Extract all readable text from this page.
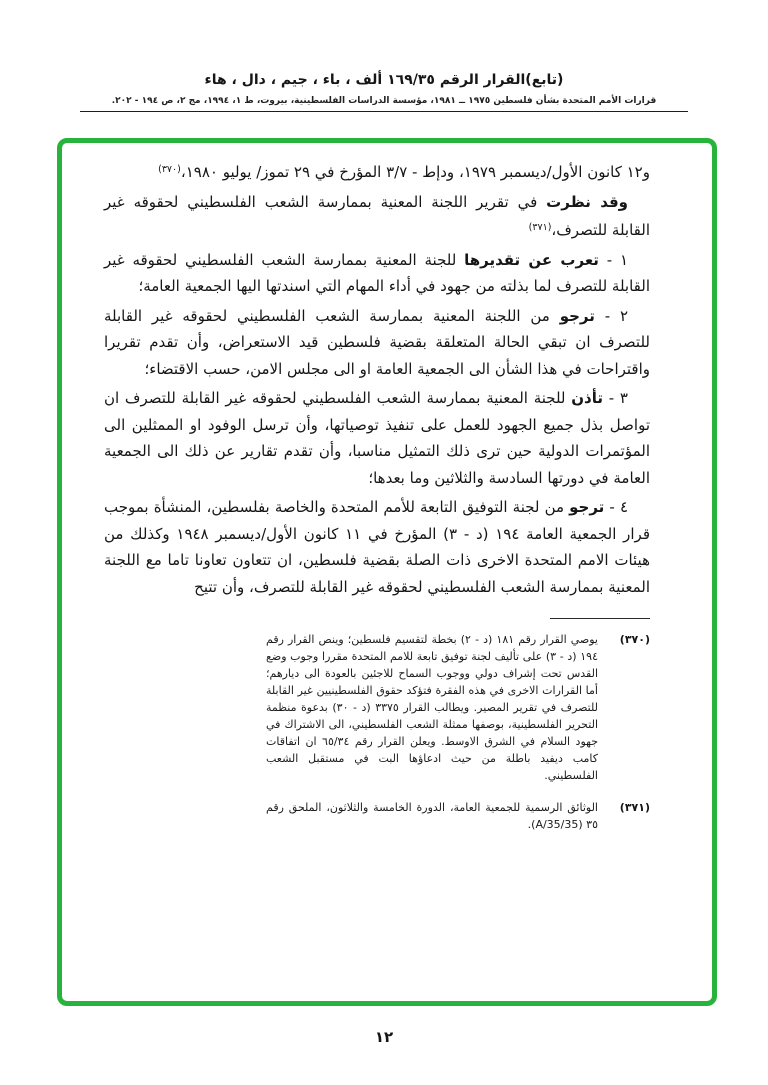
(تابع)القرار الرقم ١٦٩/٣٥ ألف ، باء ، جيم ، دال ، هاء
قرارات الأمم المتحدة بشأن فلسطين ١٩٧٥ ــ ١٩٨١، مؤسسة الدراسات الفلسطينية، بيروت، ط ١، ١٩٩٤، مج ٢، ص ١٩٤ - ٢٠٢.

و١٢ كانون الأول/ديسمبر ١٩٧٩، ودإط - ٣/٧ المؤرخ في ٢٩ تموز/ يوليو ١٩٨٠،$^{(٣٧٠)}$

وقد نظرت في تقرير اللجنة المعنية بممارسة الشعب الفلسطيني لحقوقه غير القابلة للتصرف،$^{(٣٧١)}$

١ - تعرب عن تقديرها للجنة المعنية بممارسة الشعب الفلسطيني لحقوقه غير القابلة للتصرف لما بذلته من جهود في أداء المهام التي اسندتها اليها الجمعية العامة؛

٢ - ترجو من اللجنة المعنية بممارسة الشعب الفلسطيني لحقوقه غير القابلة للتصرف ان تبقي الحالة المتعلقة بقضية فلسطين قيد الاستعراض، وأن تقدم تقريرا واقتراحات في هذا الشأن الى الجمعية العامة او الى مجلس الامن، حسب الاقتضاء؛

٣ - تأذن للجنة المعنية بممارسة الشعب الفلسطيني لحقوقه غير القابلة للتصرف ان تواصل بذل جميع الجهود للعمل على تنفيذ توصياتها، وأن ترسل الوفود او الممثلين الى المؤتمرات الدولية حين ترى ذلك التمثيل مناسبا، وأن تقدم تقارير عن ذلك الى الجمعية العامة في دورتها السادسة والثلاثين وما بعدها؛

٤ - ترجو من لجنة التوفيق التابعة للأمم المتحدة والخاصة بفلسطين، المنشأة بموجب قرار الجمعية العامة ١٩٤ (د - ٣) المؤرخ في ١١ كانون الأول/ديسمبر ١٩٤٨ وكذلك من هيئات الامم المتحدة الاخرى ذات الصلة بقضية فلسطين، ان تتعاون تعاونا تاما مع اللجنة المعنية بممارسة الشعب الفلسطيني لحقوقه غير القابلة للتصرف، وأن تتيح

(٣٧٠)
يوصي القرار رقم ١٨١ (د - ٢) بخطة لتقسيم فلسطين؛ وينص القرار رقم ١٩٤ (د - ٣) على تأليف لجنة توفيق تابعة للامم المتحدة مقررا وجوب وضع القدس تحت إشراف دولي ووجوب السماح للاجئين بالعودة الى ديارهم؛ أما القرارات الاخرى في هذه الفقرة فتؤكد حقوق الفلسطينيين غير القابلة للتصرف في تقرير المصير. ويطالب القرار ٣٣٧٥ (د - ٣٠) بدعوة منظمة التحرير الفلسطينية، بوصفها ممثلة الشعب الفلسطيني، الى الاشتراك في جهود السلام في الشرق الاوسط. ويعلن القرار رقم ٦٥/٣٤ ان اتفاقات كامب ديفيد باطلة من حيث ادعاؤها البت في مستقبل الشعب الفلسطيني.
(٣٧١)
الوثائق الرسمية للجمعية العامة، الدورة الخامسة والثلاثون، الملحق رقم ٣٥ (A/35/35).
١٢
